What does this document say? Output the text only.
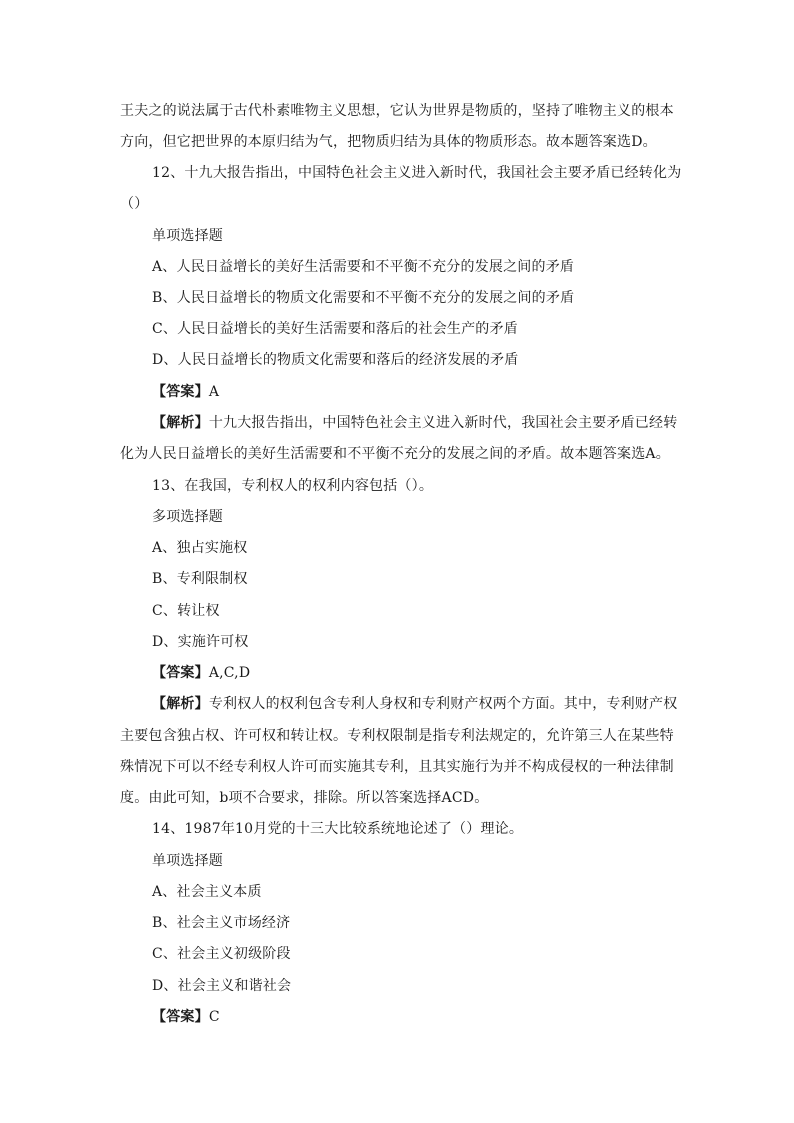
王夫之的说法属于古代朴素唯物主义思想，它认为世界是物质的，坚持了唯物主义的根本
方向，但它把世界的本原归结为气，把物质归结为具体的物质形态。故本题答案选D。
12、十九大报告指出，中国特色社会主义进入新时代，我国社会主要矛盾已经转化为
（）
单项选择题
A、人民日益增长的美好生活需要和不平衡不充分的发展之间的矛盾
B、人民日益增长的物质文化需要和不平衡不充分的发展之间的矛盾
C、人民日益增长的美好生活需要和落后的社会生产的矛盾
D、人民日益增长的物质文化需要和落后的经济发展的矛盾
【答案】A
【解析】十九大报告指出，中国特色社会主义进入新时代，我国社会主要矛盾已经转
化为人民日益增长的美好生活需要和不平衡不充分的发展之间的矛盾。故本题答案选A。
13、在我国，专利权人的权利内容包括（）。
多项选择题
A、独占实施权
B、专利限制权
C、转让权
D、实施许可权
【答案】A,C,D
【解析】专利权人的权利包含专利人身权和专利财产权两个方面。其中，专利财产权
主要包含独占权、许可权和转让权。专利权限制是指专利法规定的，允许第三人在某些特
殊情况下可以不经专利权人许可而实施其专利，且其实施行为并不构成侵权的一种法律制
度。由此可知，b项不合要求，排除。所以答案选择ACD。
14、1987年10月党的十三大比较系统地论述了（）理论。
单项选择题
A、社会主义本质
B、社会主义市场经济
C、社会主义初级阶段
D、社会主义和谐社会
【答案】C
